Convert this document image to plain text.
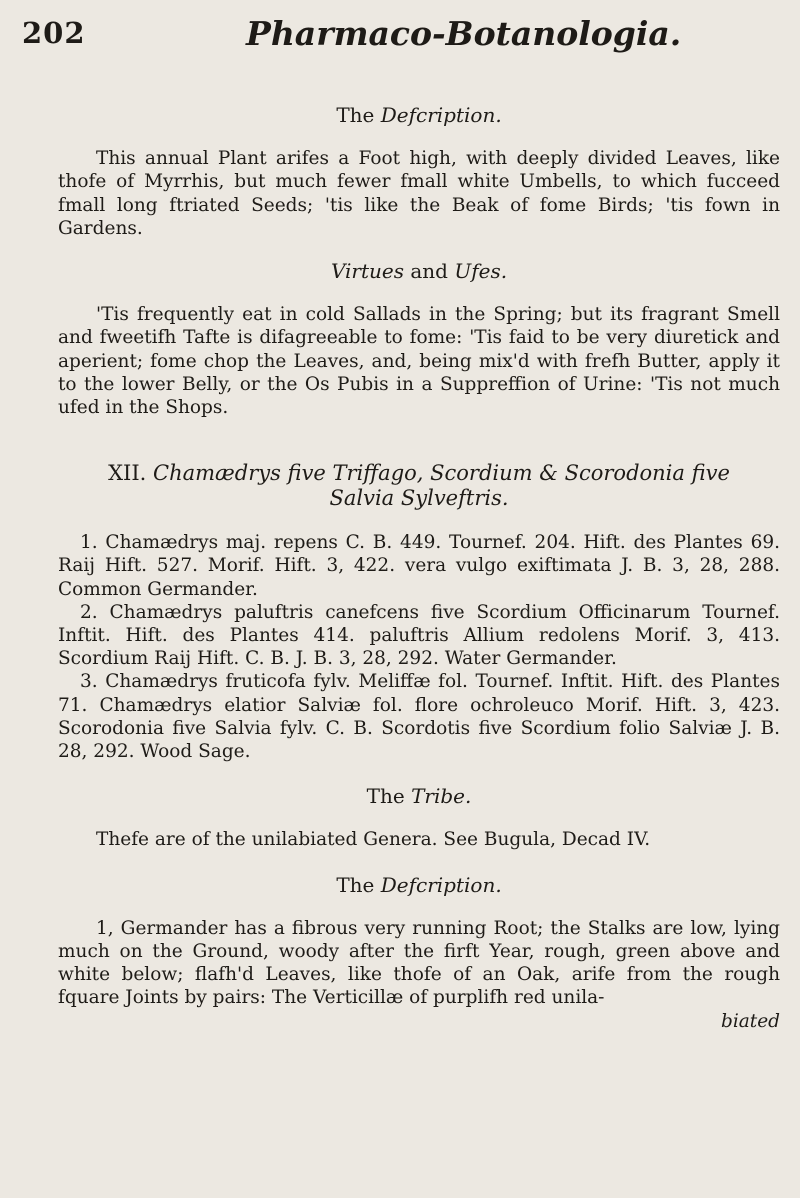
202	Pharmaco-Botanologia.
The Defcription.

This annual Plant arifes a Foot high, with deeply divided Leaves, like thofe of Myrrhis, but much fewer fmall white Umbells, to which fucceed fmall long ftriated Seeds; 'tis like the Beak of fome Birds; 'tis fown in Gardens.

Virtues and Ufes.

'Tis frequently eat in cold Sallads in the Spring; but its fragrant Smell and fweetifh Tafte is difagreeable to fome: 'Tis faid to be very diuretick and aperient; fome chop the Leaves, and, being mix'd with frefh Butter, apply it to the lower Belly, or the Os Pubis in a Suppreffion of Urine: 'Tis not much ufed in the Shops.

XII. Chamædrys five Triffago, Scordium & Scorodonia five
Salvia Sylveftris.

1. Chamædrys maj. repens C. B. 449. Tournef. 204. Hift. des Plantes 69. Raij Hift. 527. Morif. Hift. 3, 422. vera vulgo exiftimata J. B. 3, 28, 288. Common Germander.

2. Chamædrys paluftris canefcens five Scordium Officinarum Tournef. Inftit. Hift. des Plantes 414. paluftris Allium redolens Morif. 3, 413. Scordium Raij Hift. C. B. J. B. 3, 28, 292. Water Germander.

3. Chamædrys fruticofa fylv. Meliffæ fol. Tournef. Inftit. Hift. des Plantes 71. Chamædrys elatior Salviæ fol. flore ochroleuco Morif. Hift. 3, 423. Scorodonia five Salvia fylv. C. B. Scordotis five Scordium folio Salviæ J. B. 28, 292. Wood Sage.

The Tribe.

Thefe are of the unilabiated Genera. See Bugula, Decad IV.

The Defcription.

1, Germander has a fibrous very running Root; the Stalks are low, lying much on the Ground, woody after the firft Year, rough, green above and white below; flafh'd Leaves, like thofe of an Oak, arife from the rough fquare Joints by pairs: The Verticillæ of purplifh red unila-

biated
